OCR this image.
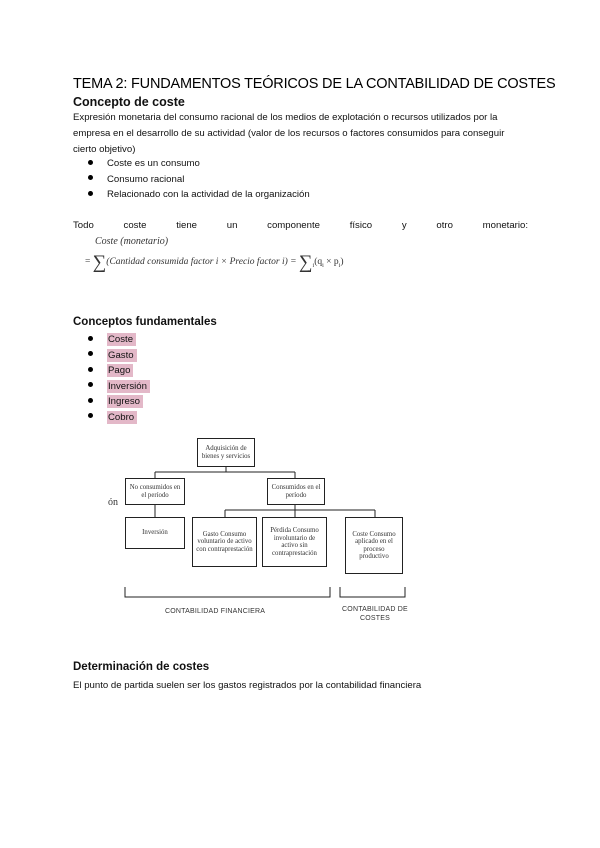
TEMA 2: FUNDAMENTOS TEÓRICOS DE LA CONTABILIDAD DE COSTES
Concepto de coste
Expresión monetaria del consumo racional de los medios de explotación o recursos utilizados por la
empresa en el desarrollo de su actividad (valor de los recursos o factores consumidos para conseguir
cierto objetivo)
Coste es un consumo
Consumo racional
Relacionado con la actividad de la organización
Todo	coste	tiene	un	componente	físico	y	otro	monetario:
Coste (monetario)
= ∑(Cantidad consumida factor i × Precio factor $i) = \sum_i(q_i \times p_i)$
Conceptos fundamentales
Coste
Gasto
Pago
Inversión
Ingreso
Cobro
Adquisición de bienes y servicios
No consumidos en el período
Consumidos en el período
Inversión	Gasto Consumo voluntario de activo con contraprestación
Pérdida Consumo involuntario de activo sin contraprestación
Coste Consumo aplicado en el proceso productivo
CONTABILIDAD FINANCIERA	CONTABILIDAD DE COSTES
ón
Determinación de costes
El punto de partida suelen ser los gastos registrados por la contabilidad financiera
